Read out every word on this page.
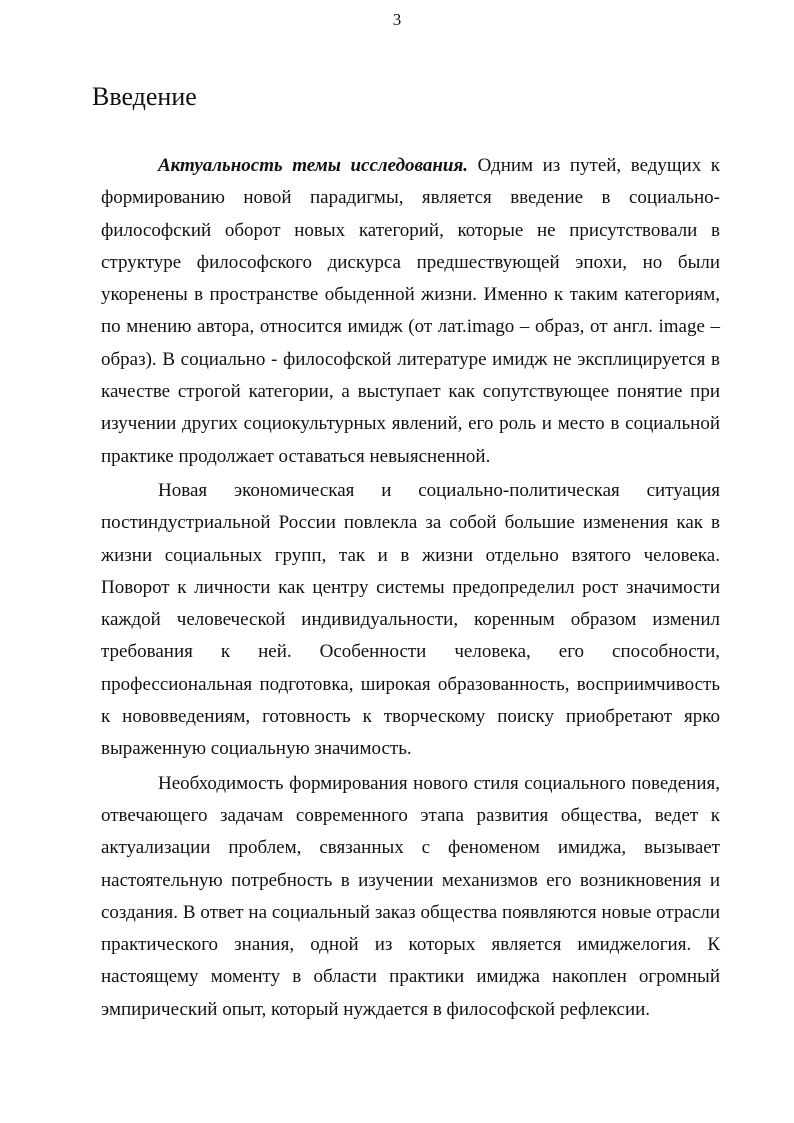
3
Введение

Актуальность темы исследования. Одним из путей, ведущих к формированию новой парадигмы, является введение в социально-философский оборот новых категорий, которые не присутствовали в структуре философского дискурса предшествующей эпохи, но были укоренены в пространстве обыденной жизни. Именно к таким категориям, по мнению автора, относится имидж (от лат.imago – образ, от англ. image – образ). В социально - философской литературе имидж не эксплицируется в качестве строгой категории, а выступает как сопутствующее понятие при изучении других социокультурных явлений, его роль и место в социальной практике продолжает оставаться невыясненной.

Новая экономическая и социально-политическая ситуация постиндустриальной России повлекла за собой большие изменения как в жизни социальных групп, так и в жизни отдельно взятого человека. Поворот к личности как центру системы предопределил рост значимости каждой человеческой индивидуальности, коренным образом изменил требования к ней. Особенности человека, его способности, профессиональная подготовка, широкая образованность, восприимчивость к нововведениям, готовность к творческому поиску приобретают ярко выраженную социальную значимость.

Необходимость формирования нового стиля социального поведения, отвечающего задачам современного этапа развития общества, ведет к актуализации проблем, связанных с феноменом имиджа, вызывает настоятельную потребность в изучении механизмов его возникновения и создания. В ответ на социальный заказ общества появляются новые отрасли практического знания, одной из которых является имиджелогия. К настоящему моменту в области практики имиджа накоплен огромный эмпирический опыт, который нуждается в философской рефлексии.
